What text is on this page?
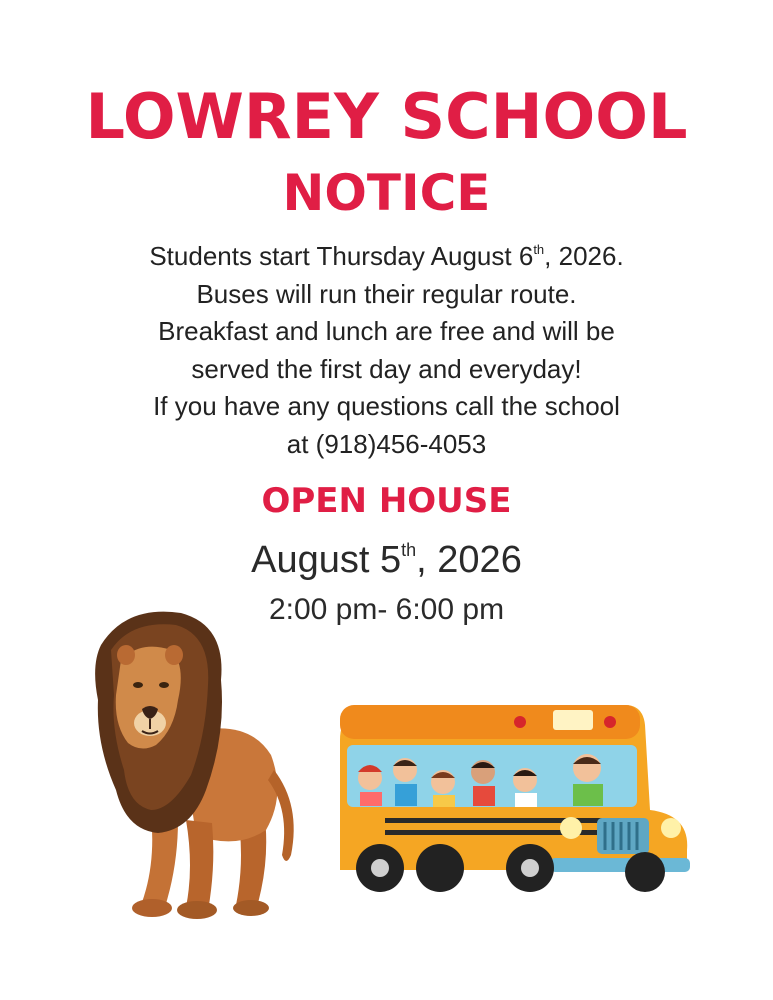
LOWREY SCHOOL
NOTICE
Students start Thursday August 6th, 2026.
Buses will run their regular route.
Breakfast and lunch are free and will be
served the first day and everyday!
If you have any questions call the school
at (918)456-4053
OPEN HOUSE
August 5th, 2026
2:00 pm- 6:00 pm
